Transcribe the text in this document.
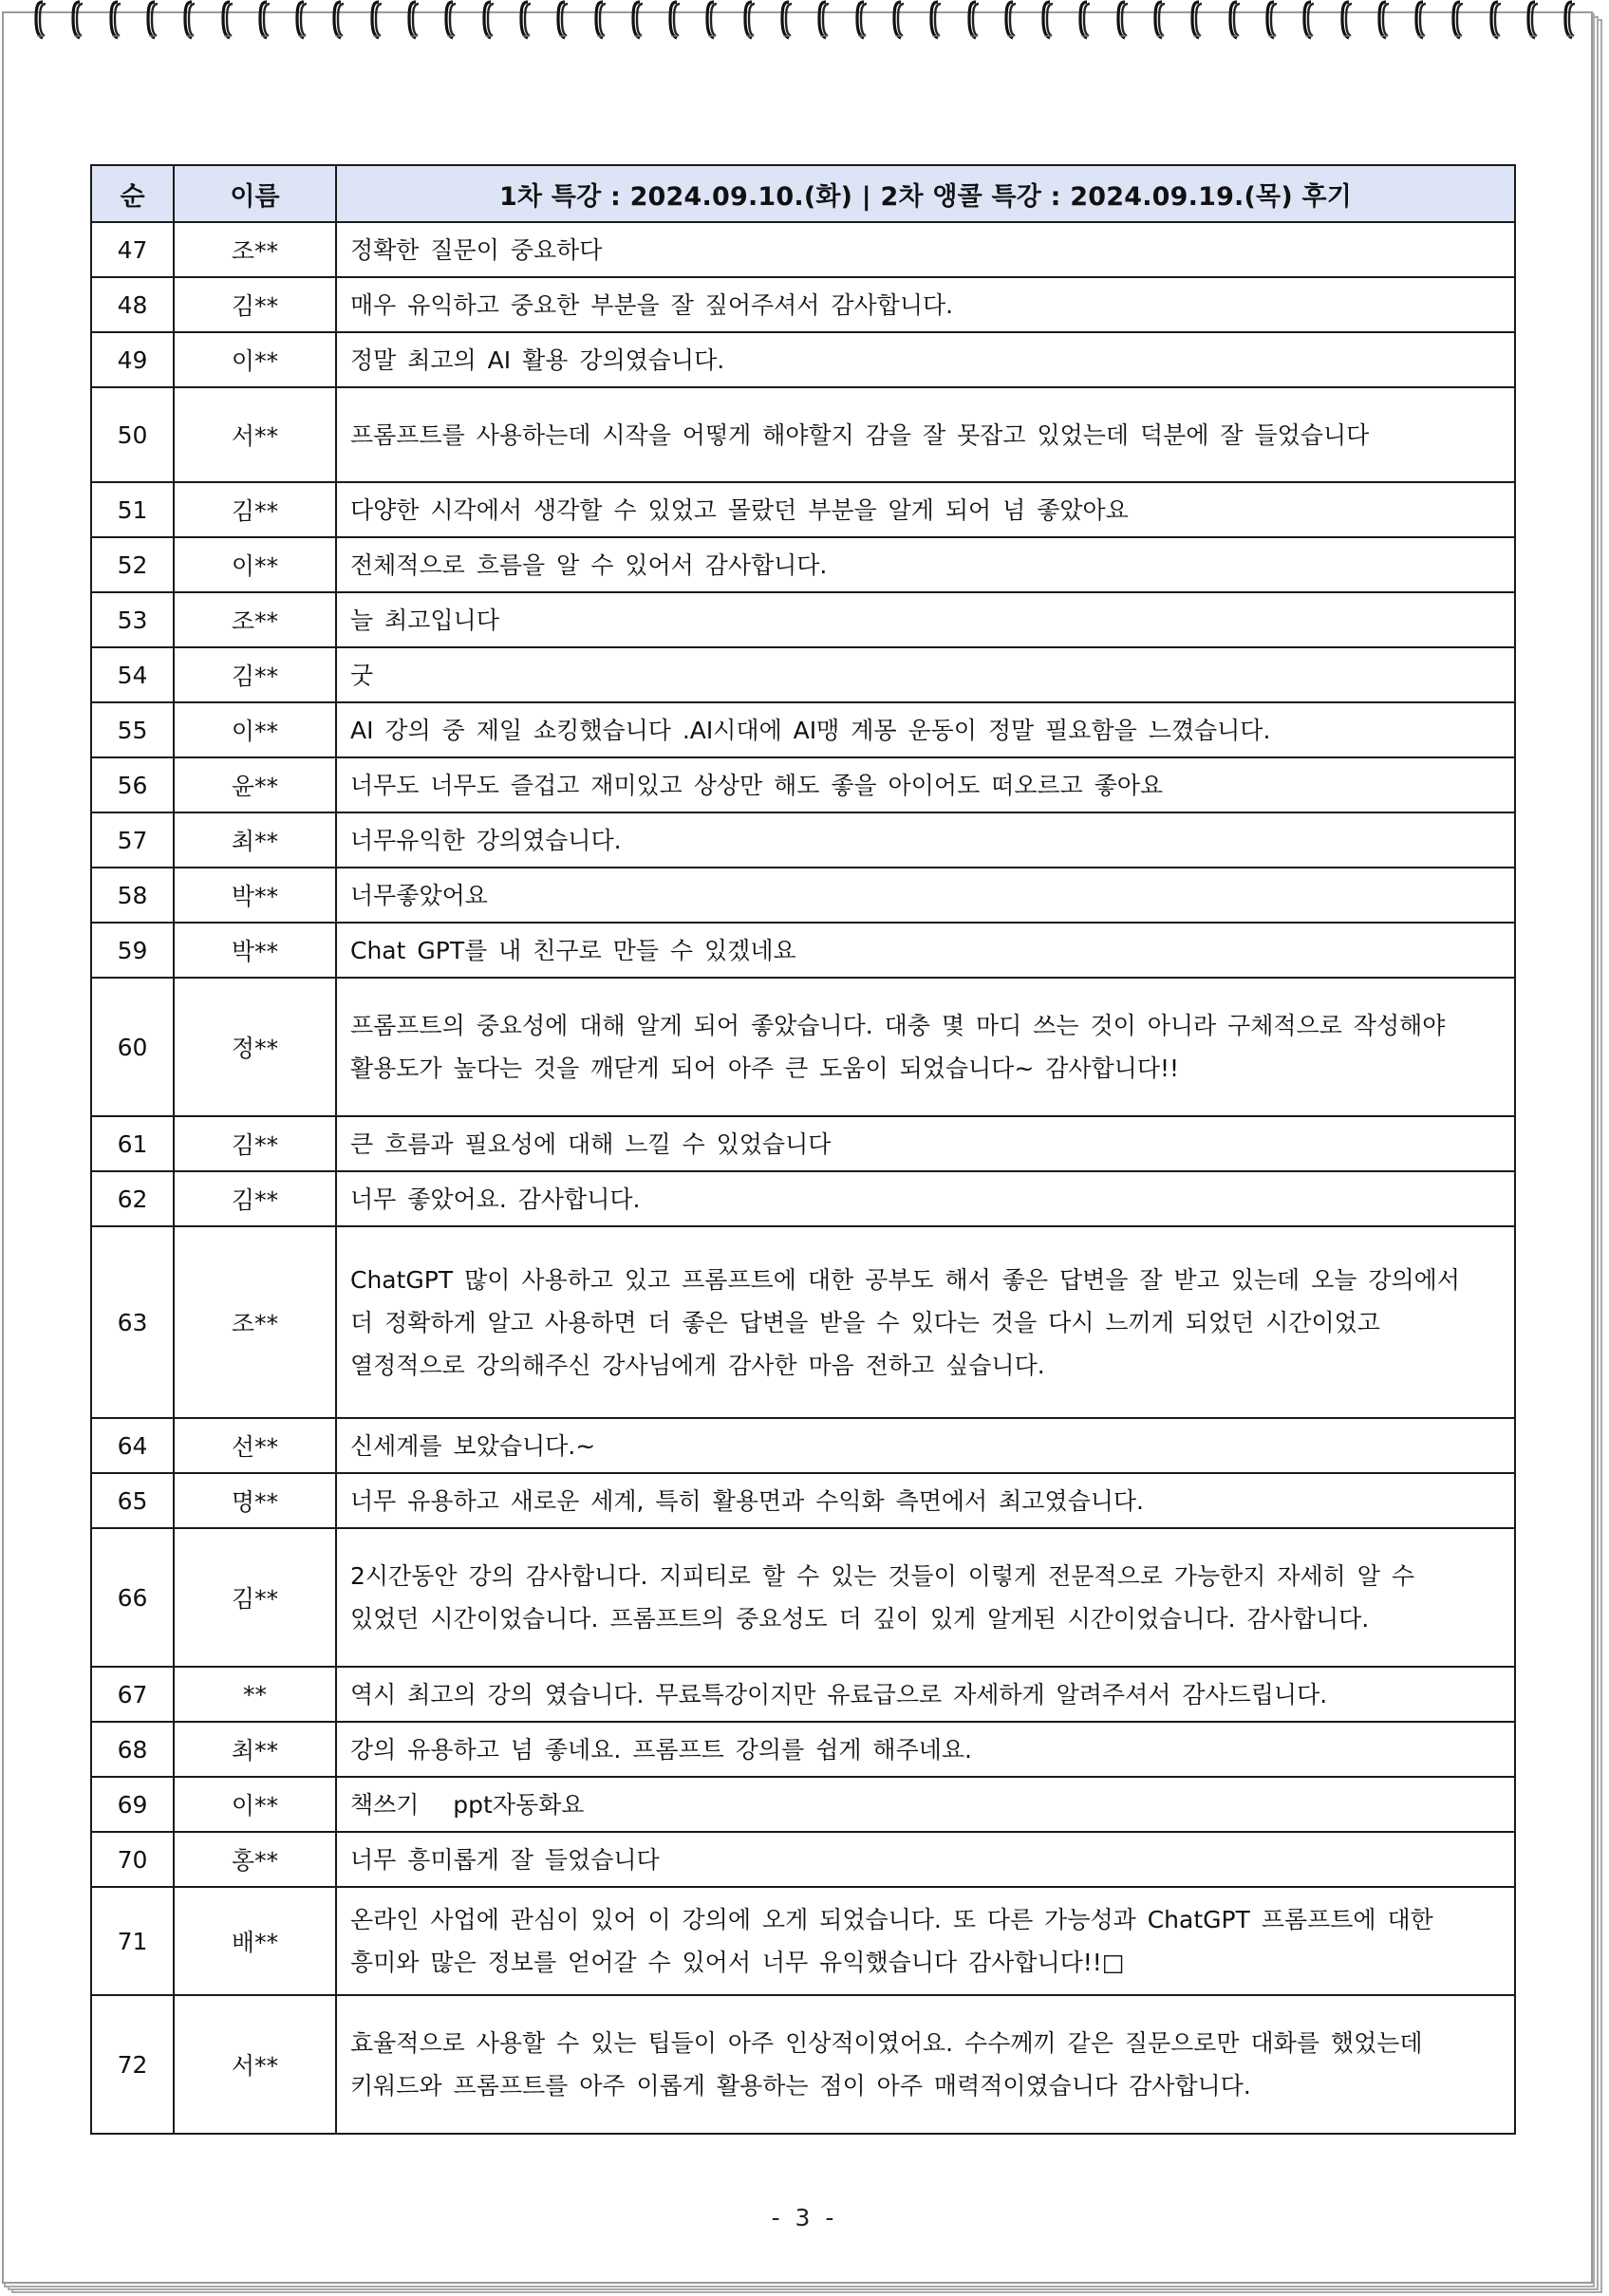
순	이름	1차 특강 : 2024.09.10.(화) | 2차 앵콜 특강 : 2024.09.19.(목) 후기
47	조**	정확한 질문이 중요하다

48	김**	매우 유익하고 중요한 부분을 잘 짚어주셔서 감사합니다.

49	이**	정말 최고의 AI 활용 강의였습니다.

50	서**	프롬프트를 사용하는데 시작을 어떻게 해야할지 감을 잘 못잡고 있었는데 덕분에 잘 들었습니다

51	김**	다양한 시각에서 생각할 수 있었고 몰랐던 부분을 알게 되어 넘 좋았아요

52	이**	전체적으로 흐름을 알 수 있어서 감사합니다.

53	조**	늘 최고입니다

54	김**	굿

55	이**	AI 강의 중 제일 쇼킹했습니다 .AI시대에 AI맹 계몽 운동이 정말 필요함을 느꼈습니다.

56	윤**	너무도 너무도 즐겁고 재미있고 상상만 해도 좋을 아이어도 떠오르고 좋아요

57	최**	너무유익한 강의였습니다.

58	박**	너무좋았어요

59	박**	Chat GPT를 내 친구로 만들 수 있겠네요

60	정**	프롬프트의 중요성에 대해 알게 되어 좋았습니다. 대충 몇 마디 쓰는 것이 아니라 구체적으로 작성해야
활용도가 높다는 것을 깨닫게 되어 아주 큰 도움이 되었습니다~ 감사합니다!!

61	김**	큰 흐름과 필요성에 대해 느낄 수 있었습니다

62	김**	너무 좋았어요. 감사합니다.

63	조**	ChatGPT 많이 사용하고 있고 프롬프트에 대한 공부도 해서 좋은 답변을 잘 받고 있는데 오늘 강의에서
더 정확하게 알고 사용하면 더 좋은 답변을 받을 수 있다는 것을 다시 느끼게 되었던 시간이었고
열정적으로 강의해주신 강사님에게 감사한 마음 전하고 싶습니다.

64	선**	신세계를 보았습니다.~

65	명**	너무 유용하고 새로운 세계, 특히 활용면과 수익화 측면에서 최고였습니다.

66	김**	2시간동안 강의 감사합니다. 지피티로 할 수 있는 것들이 이렇게 전문적으로 가능한지 자세히 알 수
있었던 시간이었습니다. 프롬프트의 중요성도 더 깊이 있게 알게된 시간이었습니다. 감사합니다.

67	**	역시 최고의 강의 였습니다. 무료특강이지만 유료급으로 자세하게 알려주셔서 감사드립니다.

68	최**	강의 유용하고 넘 좋네요. 프롬프트 강의를 쉽게 해주네요.

69	이**	책쓰기   ppt자동화요

70	홍**	너무 흥미롭게 잘 들었습니다

71	배**	온라인 사업에 관심이 있어 이 강의에 오게 되었습니다. 또 다른 가능성과 ChatGPT 프롬프트에 대한
흥미와 많은 정보를 얻어갈 수 있어서 너무 유익했습니다 감사합니다!!□

72	서**	효율적으로 사용할 수 있는 팁들이 아주 인상적이였어요. 수수께끼 같은 질문으로만 대화를 했었는데
키워드와 프롬프트를 아주 이롭게 활용하는 점이 아주 매력적이였습니다 감사합니다.
- 3 -
